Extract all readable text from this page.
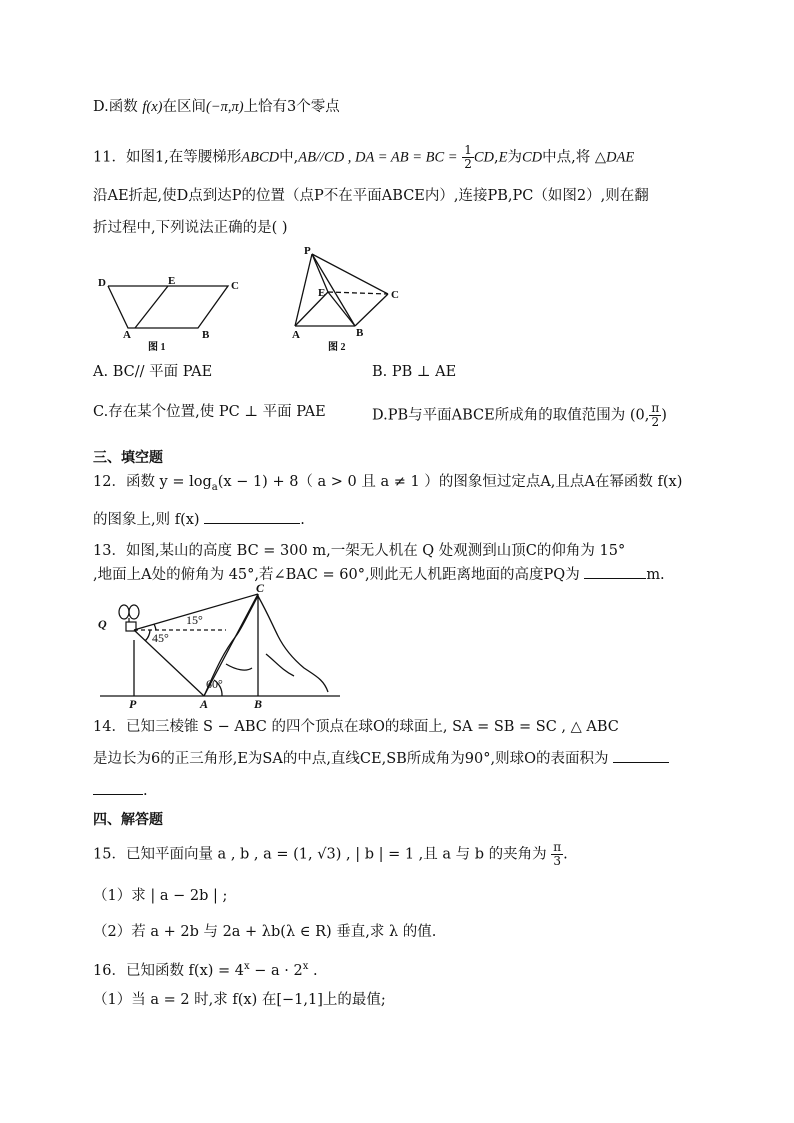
D.函数 f(x)在区间(−π,π)上恰有3个零点
11．如图1,在等腰梯形ABCD中,AB//CD , DA = AB = BC = $\frac{1}{2} CD,E$为CD中点,将 △DAE
沿AE折起,使D点到达P的位置（点P不在平面ABCE内）,连接PB,PC（如图2）,则在翻
折过程中,下列说法正确的是( )
D	E	C
A	B
图 1
P
E	C
A	B
图 2
A. BC// 平面 PAE	B. PB ⊥ AE
C.存在某个位置,使 PC ⊥ 平面 PAE	D.PB与平面ABCE所成角的取值范围为 (0, $\frac{\pi}{2}$ )
三、填空题
12．函数 $y = \log_a(x - 1) + 8$（ a > 0 且 a ≠ 1 ）的图象恒过定点A,且点A在幂函数 f(x)
的图象上,则 f(x)	.
13．如图,某山的高度 BC = 300 m,一架无人机在 Q 处观测到山顶C的仰角为 15°
,地面上A处的俯角为 45°,若∠BAC = 60°,则此无人机距离地面的高度PQ为	m.
Q
C
P	A	B
15°
45°
60°
14．已知三棱锥 S − ABC 的四个顶点在球O的球面上, SA = SB = SC , △ ABC
是边长为6的正三角形,E为SA的中点,直线CE,SB所成角为90°,则球O的表面积为
.
四、解答题
15．已知平面向量 a , b , a = (1, √3) , | b | = 1 ,且 a 与 b 的夹角为 $\frac{\pi}{3}$ .
（1）求 | a − 2b | ;
（2）若 a + 2b 与 2a + λb(λ ∈ R) 垂直,求 λ 的值.
16．已知函数 $f(x) = 4^x - a \cdot 2^x$ .
（1）当 a = 2 时,求 f(x) 在[−1,1]上的最值;
